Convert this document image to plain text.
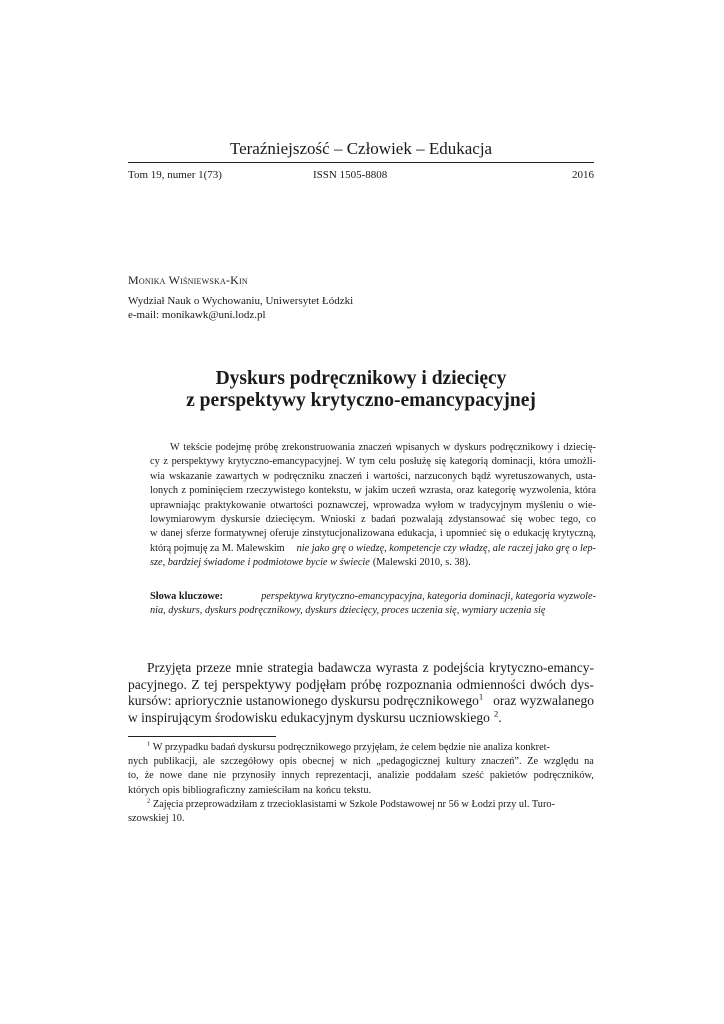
Teraźniejszość – Człowiek – Edukacja
Tom 19, numer 1(73)	ISSN 1505-8808	2016
Monika Wiśniewska-Kin
Wydział Nauk o Wychowaniu, Uniwersytet Łódzki
e-mail: monikawk@uni.lodz.pl
Dyskurs podręcznikowy i dziecięcy
z perspektywy krytyczno-emancypacyjnej
W tekście podejmę próbę zrekonstruowania znaczeń wpisanych w dyskurs podręcznikowy i dziecię-
cy z perspektywy krytyczno-emancypacyjnej. W tym celu posłużę się kategorią dominacji, która umożli-
wia wskazanie zawartych w podręczniku znaczeń i wartości, narzuconych bądź wyretuszowanych, usta-
lonych z pominięciem rzeczywistego kontekstu, w jakim uczeń wzrasta, oraz kategorię wyzwolenia, która
uprawniając praktykowanie otwartości poznawczej, wprowadza wyłom w tradycyjnym myśleniu o wie-
lowymiarowym dyskursie dziecięcym. Wnioski z badań pozwalają zdystansować się wobec tego, co
w danej sferze formatywnej oferuje zinstytucjonalizowana edukacja, i upomnieć się o edukację krytyczną,
którą pojmuję za M. Malewskim nie jako grę o wiedzę, kompetencje czy władzę, ale raczej jako grę o lep-
sze, bardziej świadome i podmiotowe bycie w świecie (Malewski 2010, s. 38).
Słowa kluczowe:	perspektywa krytyczno-emancypacyjna, kategoria dominacji, kategoria wyzwole-
nia, dyskurs, dyskurs podręcznikowy, dyskurs dziecięcy, proces uczenia się, wymiary uczenia się
Przyjęta przeze mnie strategia badawcza wyrasta z podejścia krytyczno-emancy-
pacyjnego. Z tej perspektywy podjęłam próbę rozpoznania odmienności dwóch dys-
kursów: apriorycznie ustanowionego dyskursu podręcznikowego$^1$ oraz wyzwalanego
w inspirującym środowisku edukacyjnym dyskursu uczniowskiego $^2$.
$^1$ W przypadku badań dyskursu podręcznikowego przyjęłam, że celem będzie nie analiza konkret-
nych publikacji, ale szczegółowy opis obecnej w nich „pedagogicznej kultury znaczeń”. Ze względu na
to, że nowe dane nie przynosiły innych reprezentacji, analizie poddałam sześć pakietów podręczników,
których opis bibliograficzny zamieściłam na końcu tekstu.
$^2$ Zajęcia przeprowadziłam z trzecioklasistami w Szkole Podstawowej nr 56 w Łodzi przy ul. Turo-
szowskiej 10.
